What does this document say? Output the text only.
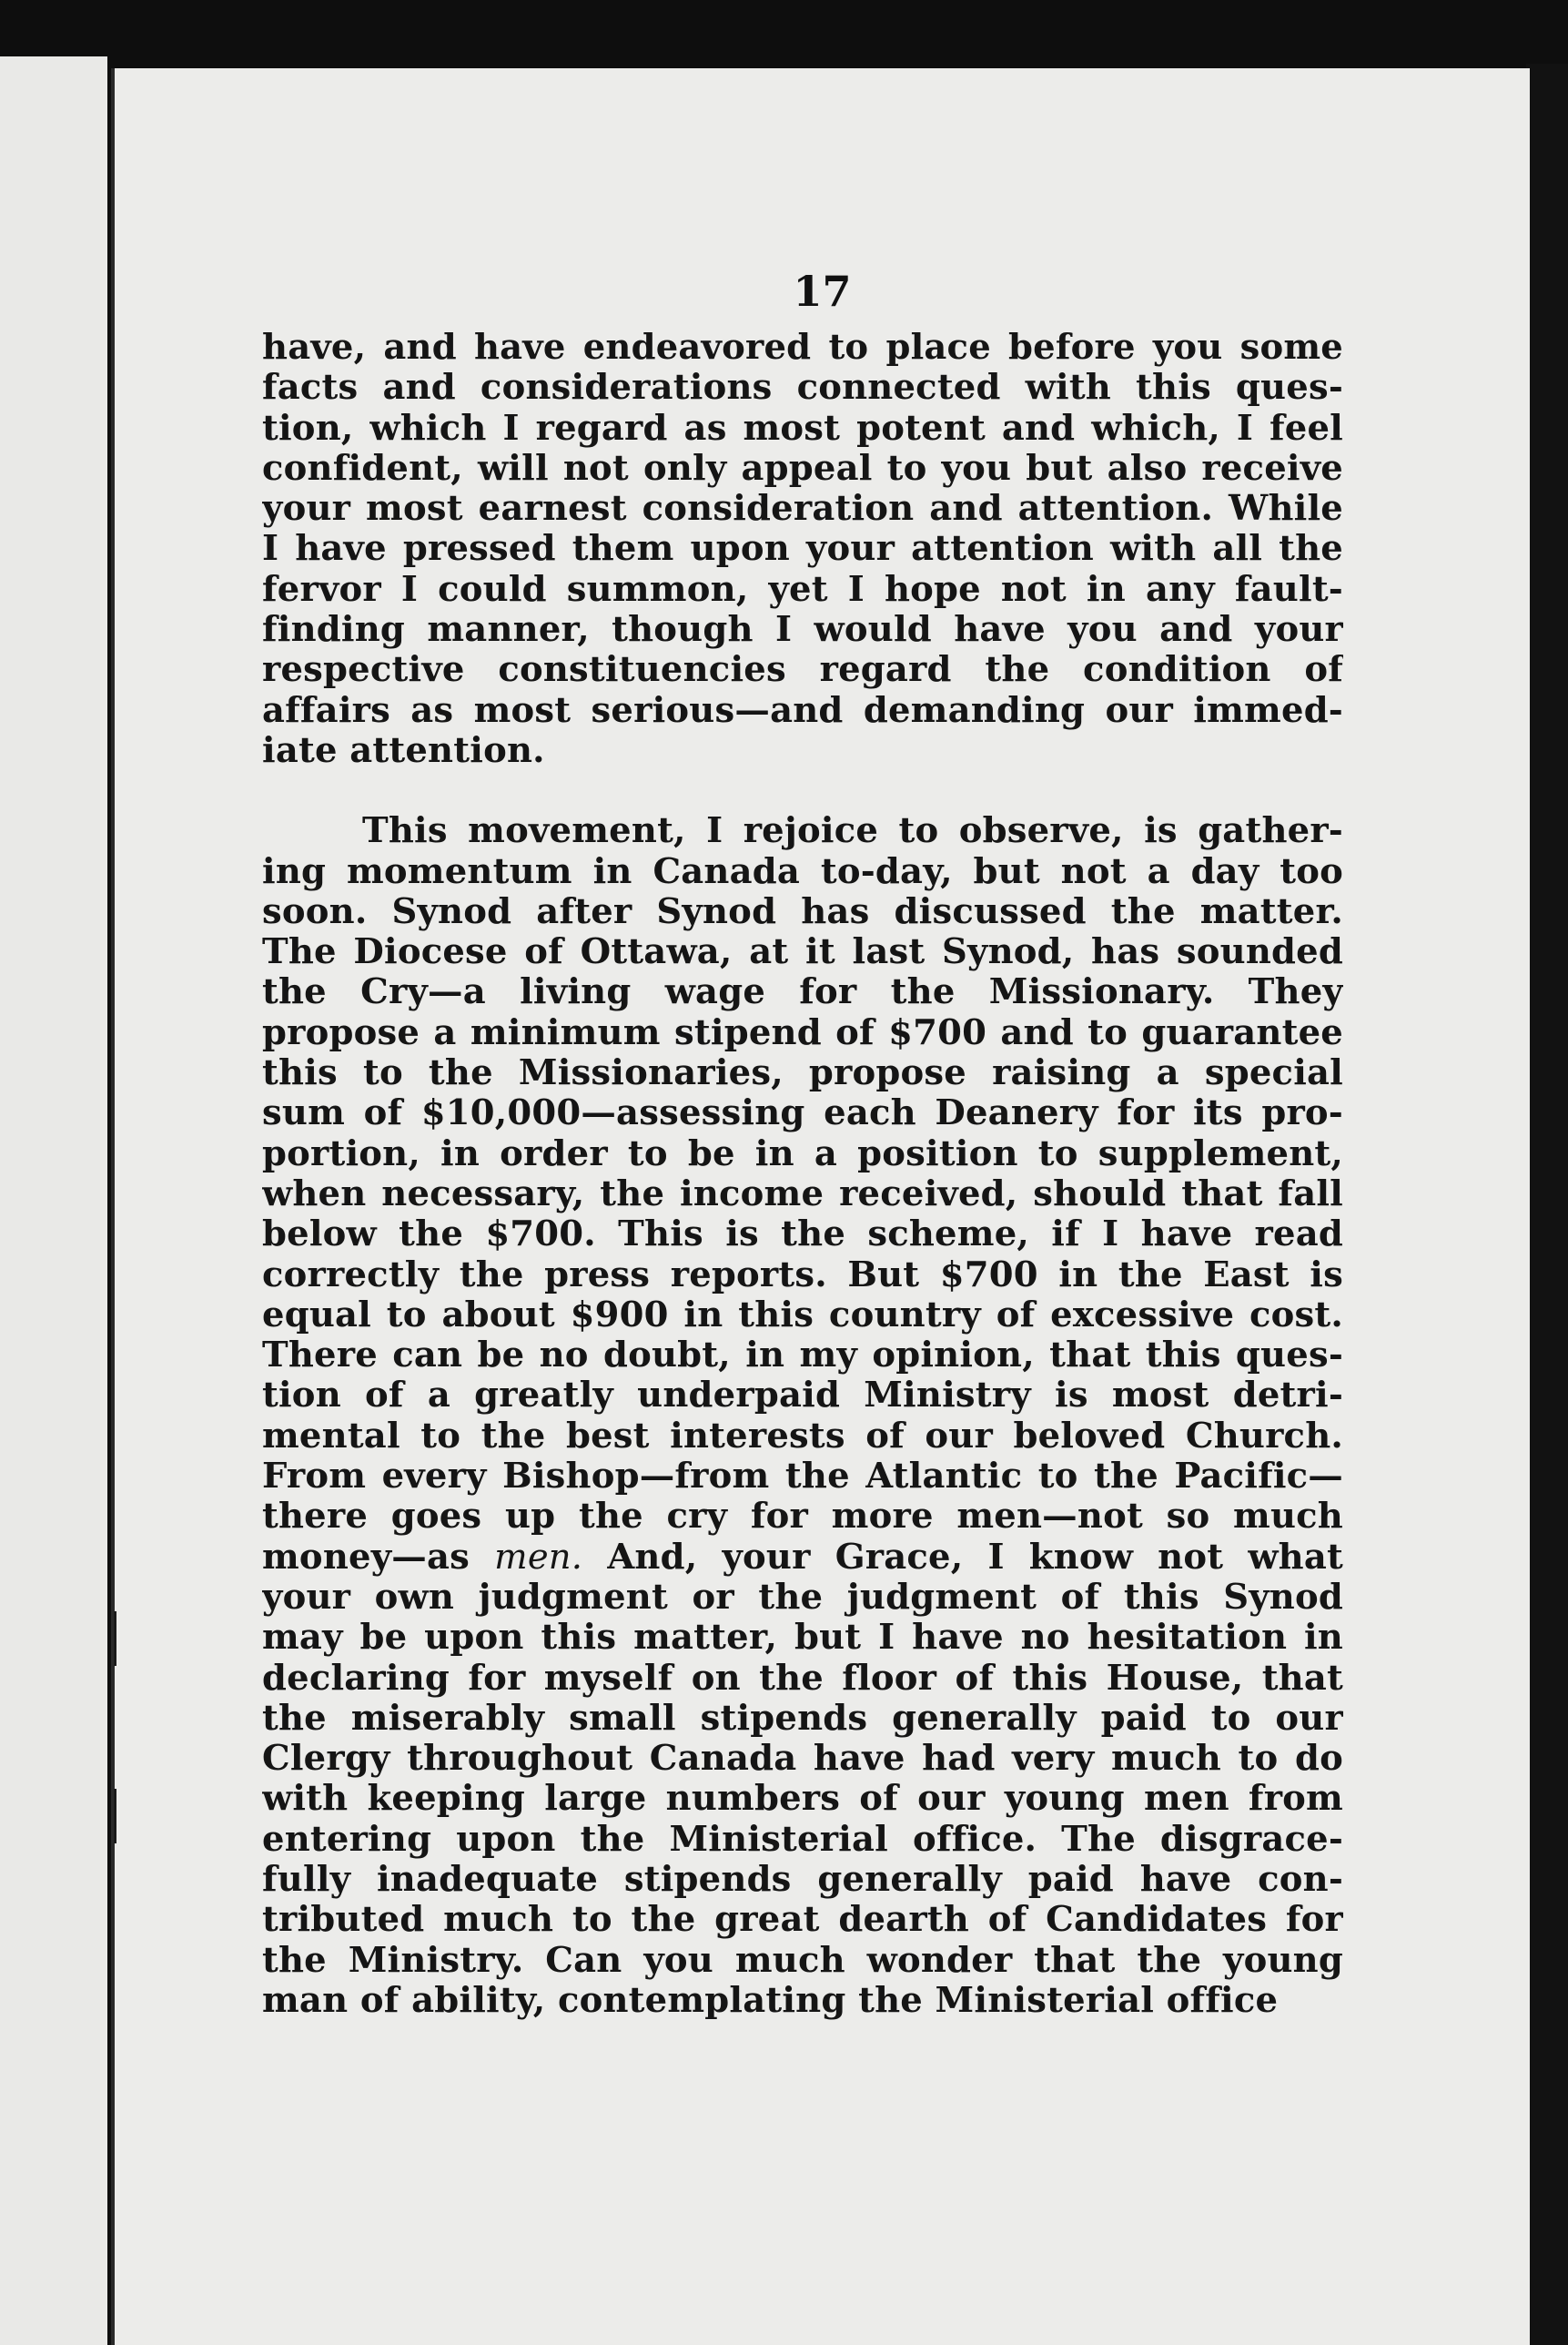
17
have, and have endeavored to place before you some
facts and considerations connected with this ques-
tion, which I regard as most potent and which, I feel
confident, will not only appeal to you but also receive
your most earnest consideration and attention. While
I have pressed them upon your attention with all the
fervor I could summon, yet I hope not in any fault-
finding manner, though I would have you and your
respective constituencies regard the condition of
affairs as most serious—and demanding our immed-
iate attention.
This movement, I rejoice to observe, is gather-
ing momentum in Canada to-day, but not a day too
soon. Synod after Synod has discussed the matter.
The Diocese of Ottawa, at it last Synod, has sounded
the Cry—a living wage for the Missionary. They
propose a minimum stipend of $700 and to guarantee
this to the Missionaries, propose raising a special
sum of $10,000—assessing each Deanery for its pro-
portion, in order to be in a position to supplement,
when necessary, the income received, should that fall
below the $700. This is the scheme, if I have read
correctly the press reports. But $700 in the East is
equal to about $900 in this country of excessive cost.
There can be no doubt, in my opinion, that this ques-
tion of a greatly underpaid Ministry is most detri-
mental to the best interests of our beloved Church.
From every Bishop—from the Atlantic to the Pacific—
there goes up the cry for more men—not so much
money—as men. And, your Grace, I know not what
your own judgment or the judgment of this Synod
may be upon this matter, but I have no hesitation in
declaring for myself on the floor of this House, that
the miserably small stipends generally paid to our
Clergy throughout Canada have had very much to do
with keeping large numbers of our young men from
entering upon the Ministerial office. The disgrace-
fully inadequate stipends generally paid have con-
tributed much to the great dearth of Candidates for
the Ministry. Can you much wonder that the young
man of ability, contemplating the Ministerial office
